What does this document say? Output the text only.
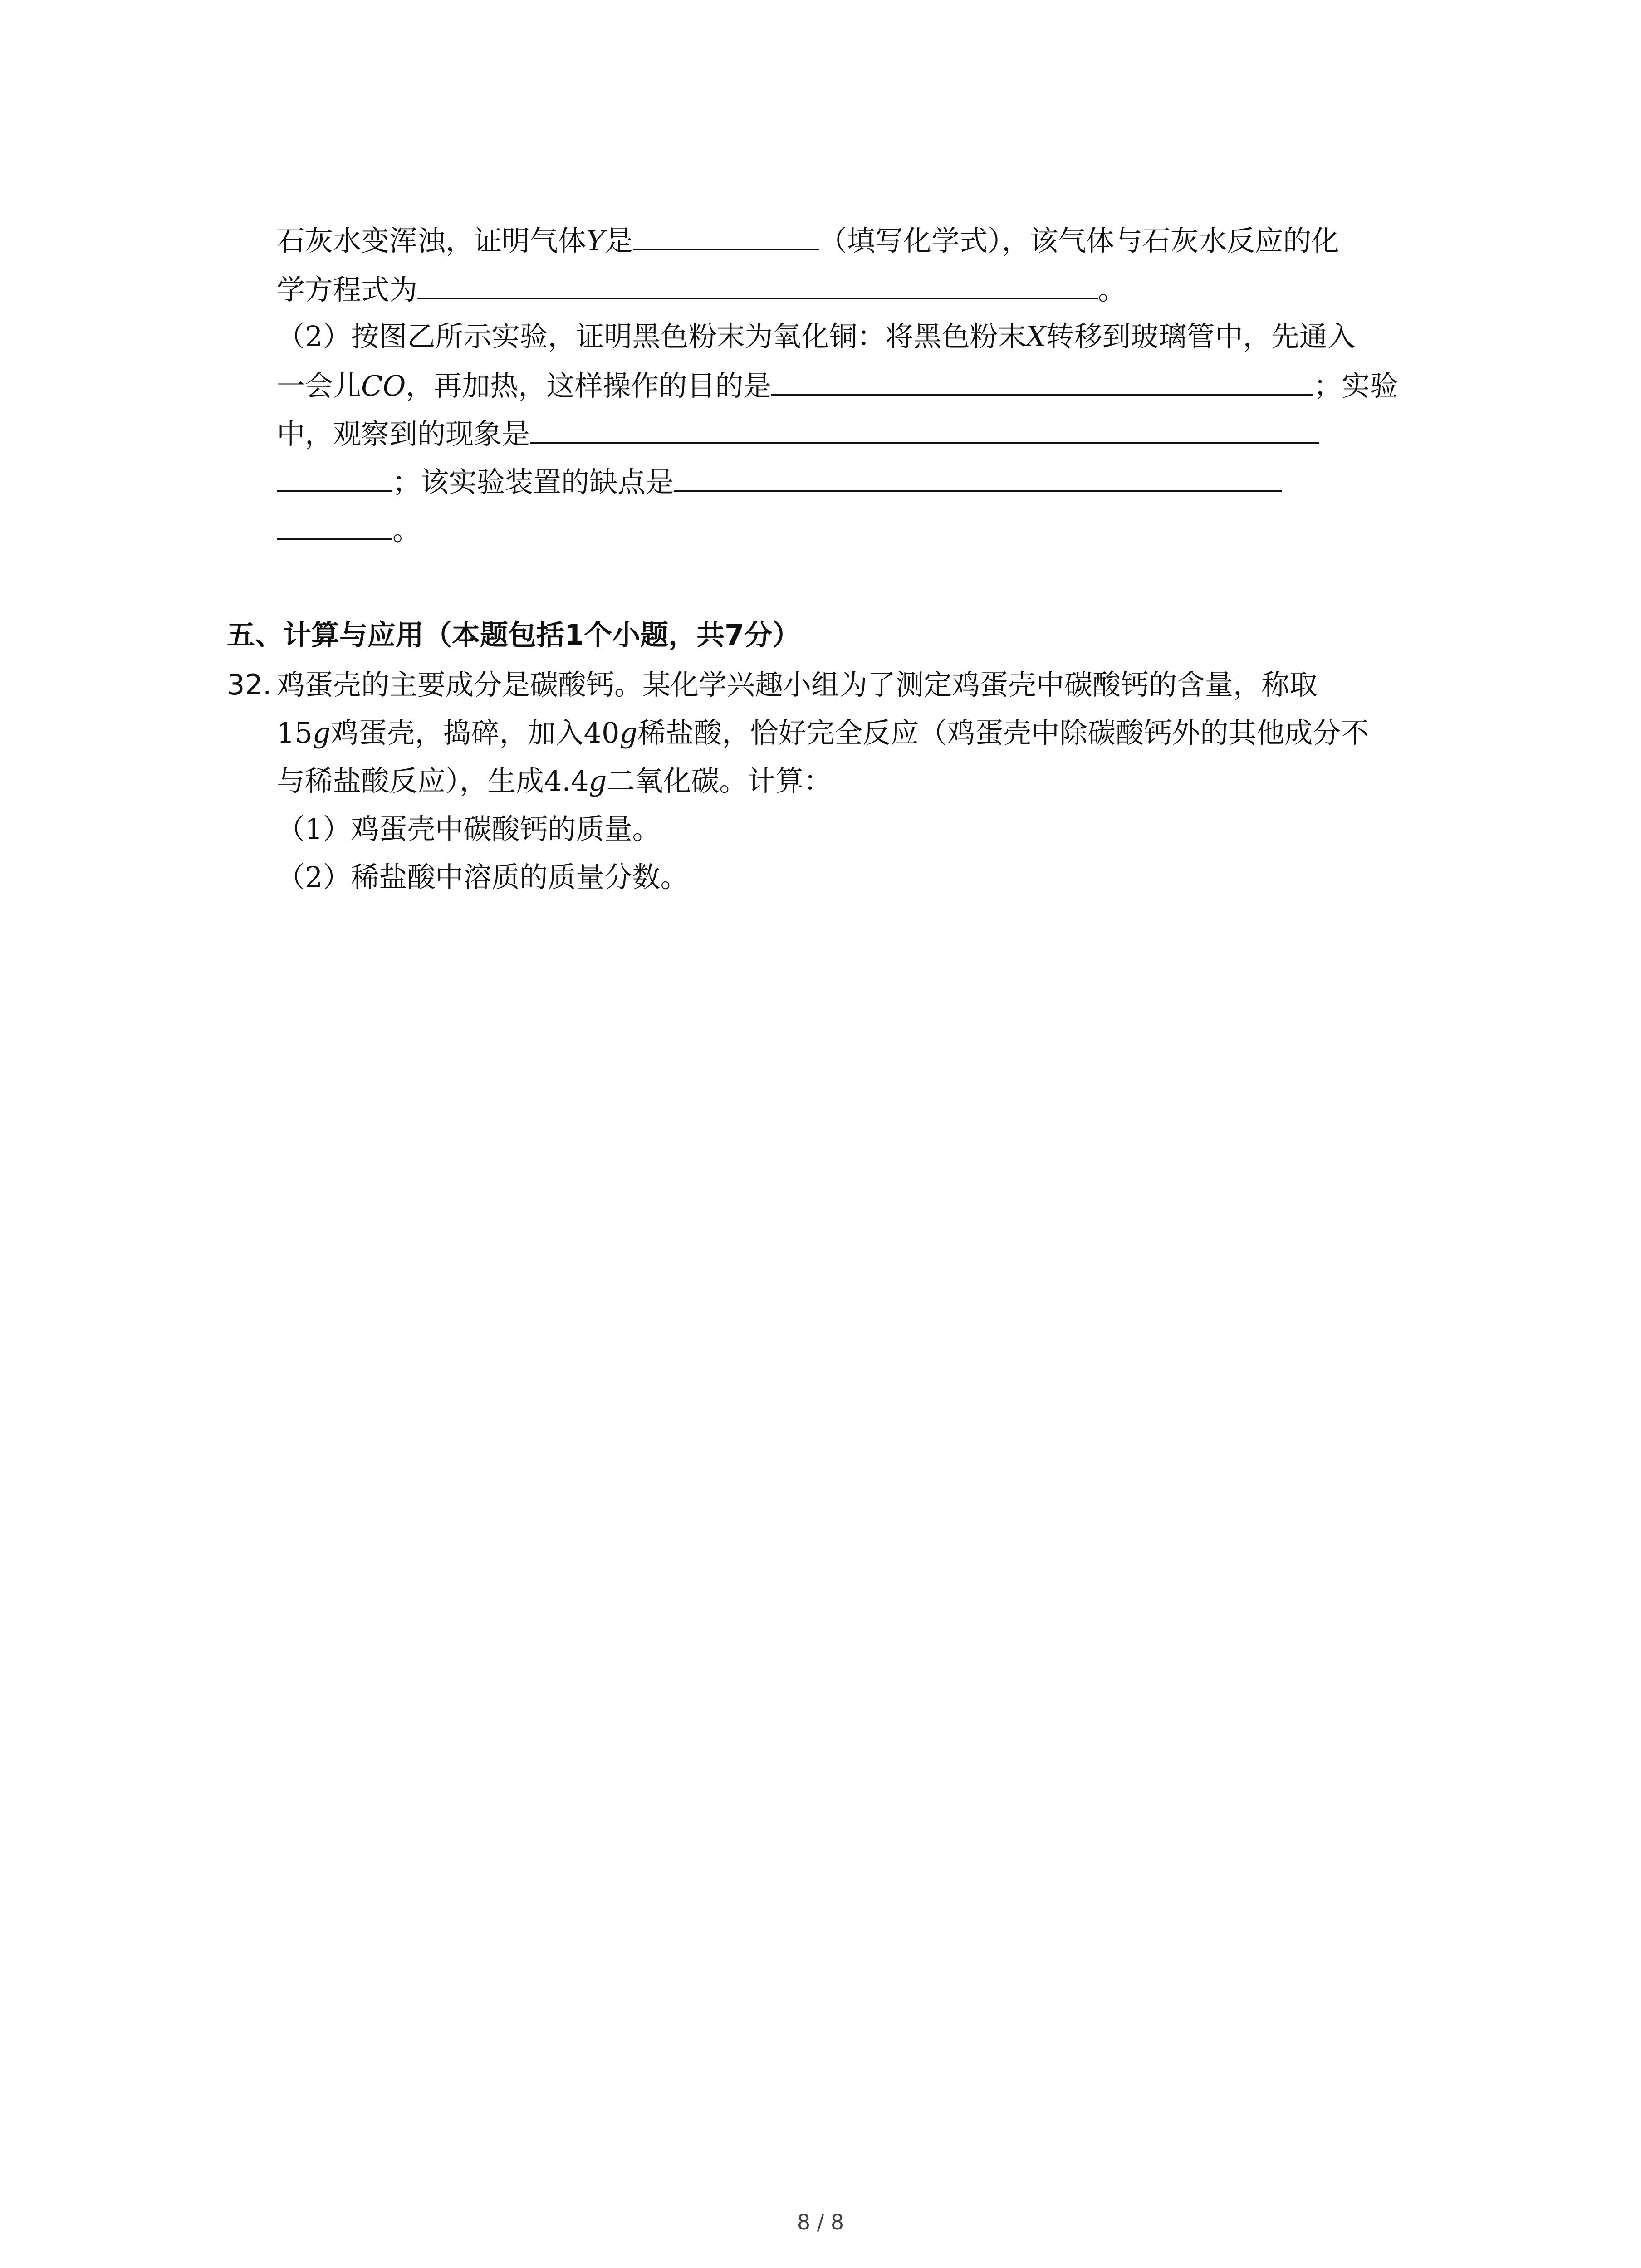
石灰水变浑浊，证明气体Y是	（填写化学式），该气体与石灰水反应的化
学方程式为	。
（2）按图乙所示实验，证明黑色粉末为氧化铜：将黑色粉末X转移到玻璃管中，先通入
一会儿CO，再加热，这样操作的目的是	；实验
中，观察到的现象是
；该实验装置的缺点是
。
五、计算与应用（本题包括1个小题，共7分）
32. 鸡蛋壳的主要成分是碳酸钙。某化学兴趣小组为了测定鸡蛋壳中碳酸钙的含量，称取
15g鸡蛋壳，捣碎，加入40g稀盐酸，恰好完全反应（鸡蛋壳中除碳酸钙外的其他成分不
与稀盐酸反应），生成4.4g二氧化碳。计算：
（1）鸡蛋壳中碳酸钙的质量。
（2）稀盐酸中溶质的质量分数。
8 / 8
